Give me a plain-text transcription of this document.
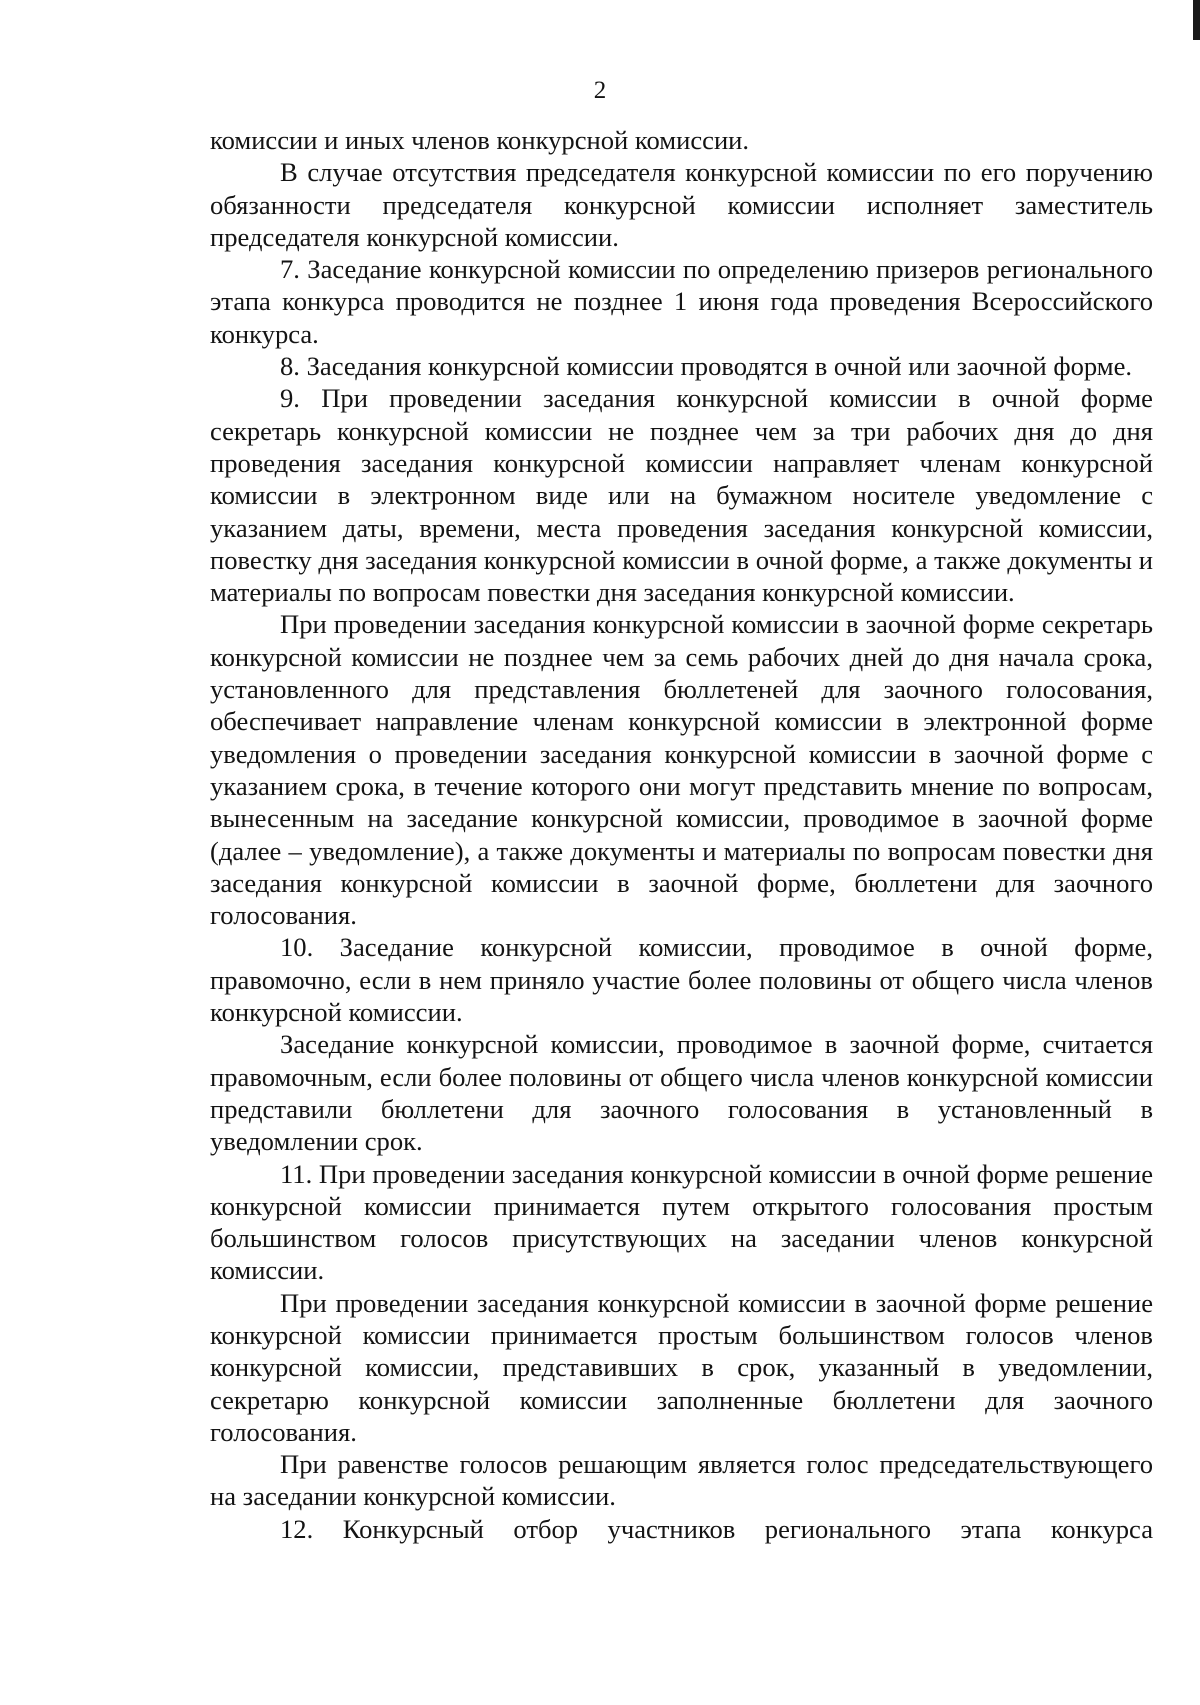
2

комиссии и иных членов конкурсной комиссии.

В случае отсутствия председателя конкурсной комиссии по его поручению обязанности председателя конкурсной комиссии исполняет заместитель председателя конкурсной комиссии.

7. Заседание конкурсной комиссии по определению призеров регионального этапа конкурса проводится не позднее 1 июня года проведения Всероссийского конкурса.

8. Заседания конкурсной комиссии проводятся в очной или заочной форме.

9. При проведении заседания конкурсной комиссии в очной форме секретарь конкурсной комиссии не позднее чем за три рабочих дня до дня проведения заседания конкурсной комиссии направляет членам конкурсной комиссии в электронном виде или на бумажном носителе уведомление с указанием даты, времени, места проведения заседания конкурсной комиссии, повестку дня заседания конкурсной комиссии в очной форме, а также документы и материалы по вопросам повестки дня заседания конкурсной комиссии.

При проведении заседания конкурсной комиссии в заочной форме секретарь конкурсной комиссии не позднее чем за семь рабочих дней до дня начала срока, установленного для представления бюллетеней для заочного голосования, обеспечивает направление членам конкурсной комиссии в электронной форме уведомления о проведении заседания конкурсной комиссии в заочной форме с указанием срока, в течение которого они могут представить мнение по вопросам, вынесенным на заседание конкурсной комиссии, проводимое в заочной форме (далее – уведомление), а также документы и материалы по вопросам повестки дня заседания конкурсной комиссии в заочной форме, бюллетени для заочного голосования.

10. Заседание конкурсной комиссии, проводимое в очной форме, правомочно, если в нем приняло участие более половины от общего числа членов конкурсной комиссии.

Заседание конкурсной комиссии, проводимое в заочной форме, считается правомочным, если более половины от общего числа членов конкурсной комиссии представили бюллетени для заочного голосования в установленный в уведомлении срок.

11. При проведении заседания конкурсной комиссии в очной форме решение конкурсной комиссии принимается путем открытого голосования простым большинством голосов присутствующих на заседании членов конкурсной комиссии.

При проведении заседания конкурсной комиссии в заочной форме решение конкурсной комиссии принимается простым большинством голосов членов конкурсной комиссии, представивших в срок, указанный в уведомлении, секретарю конкурсной комиссии заполненные бюллетени для заочного голосования.

При равенстве голосов решающим является голос председательствующего на заседании конкурсной комиссии.

12. Конкурсный отбор участников регионального этапа конкурса
